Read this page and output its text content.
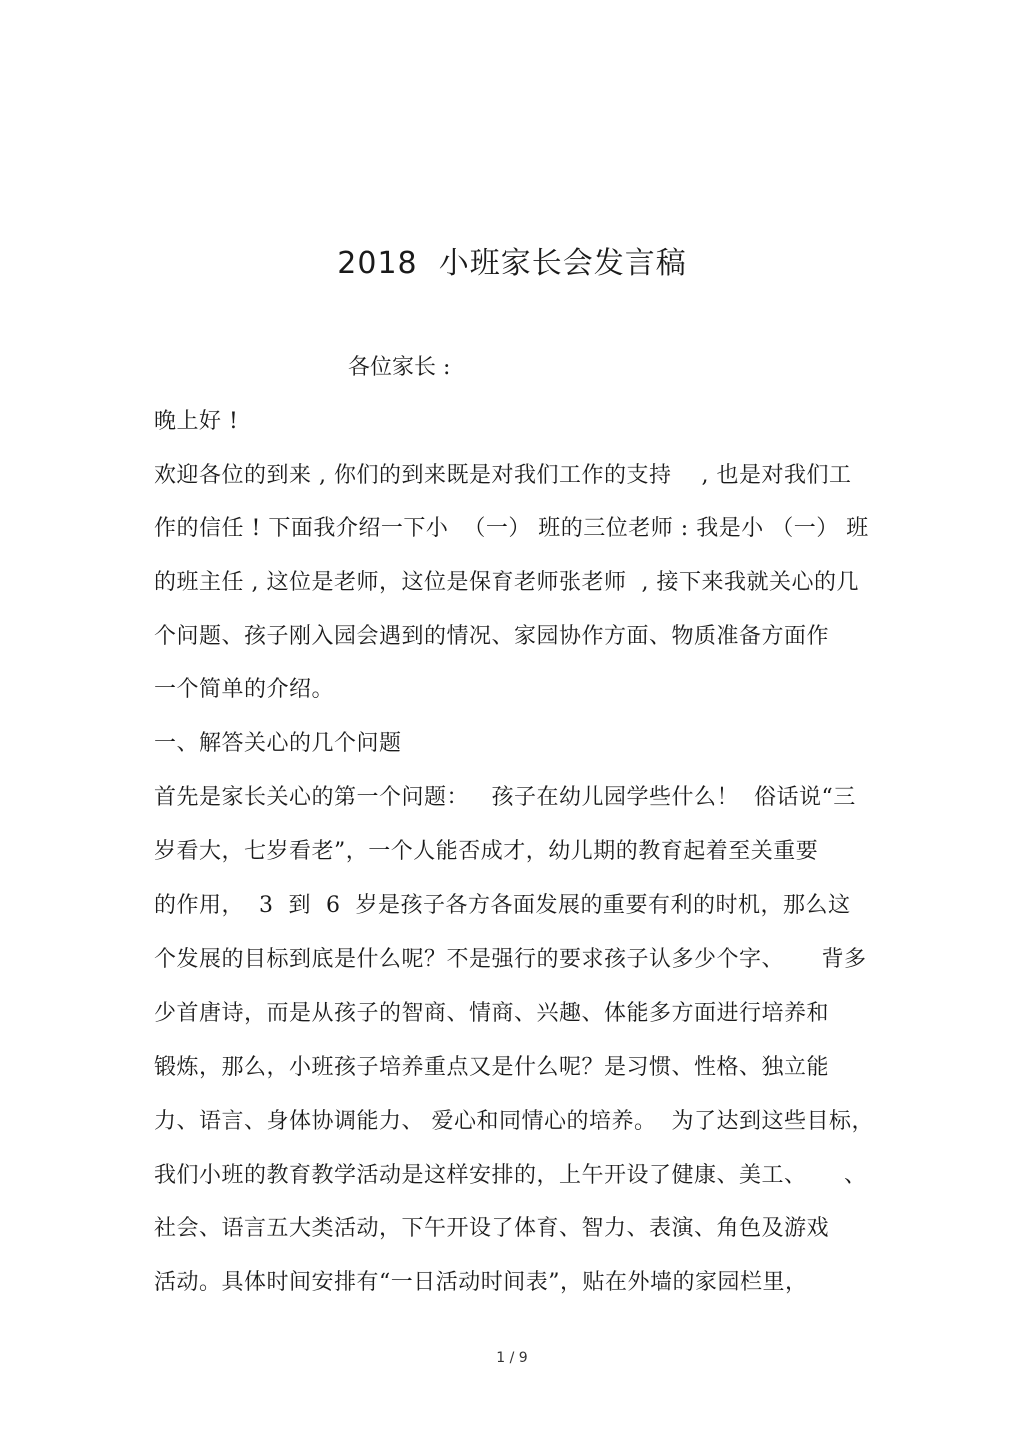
2018  小班家长会发言稿
各位家长 :
晚上好 !
欢迎各位的到来 , 你们的到来既是对我们工作的支持    , 也是对我们工
作的信任 ! 下面我介绍一下小  （一） 班的三位老师 : 我是小 （一） 班
的班主任 , 这位是老师，这位是保育老师张老师  , 接下来我就关心的几
个问题、孩子刚入园会遇到的情况、家园协作方面、物质准备方面作
一个简单的介绍。
一、解答关心的几个问题
首先是家长关心的第一个问题：   孩子在幼儿园学些什么！  俗话说“三
岁看大，七岁看老”，一个人能否成才，幼儿期的教育起着至关重要
的作用，  3  到  6  岁是孩子各方各面发展的重要有利的时机，那么这
个发展的目标到底是什么呢？不是强行的要求孩子认多少个字、     背多
少首唐诗，而是从孩子的智商、情商、兴趣、体能多方面进行培养和
锻炼，那么，小班孩子培养重点又是什么呢？是习惯、性格、独立能
力、语言、身体协调能力、 爱心和同情心的培养。  为了达到这些目标，
我们小班的教育教学活动是这样安排的，上午开设了健康、美工、     、
社会、语言五大类活动，下午开设了体育、智力、表演、角色及游戏
活动。具体时间安排有“一日活动时间表”，贴在外墙的家园栏里，
1 / 9
